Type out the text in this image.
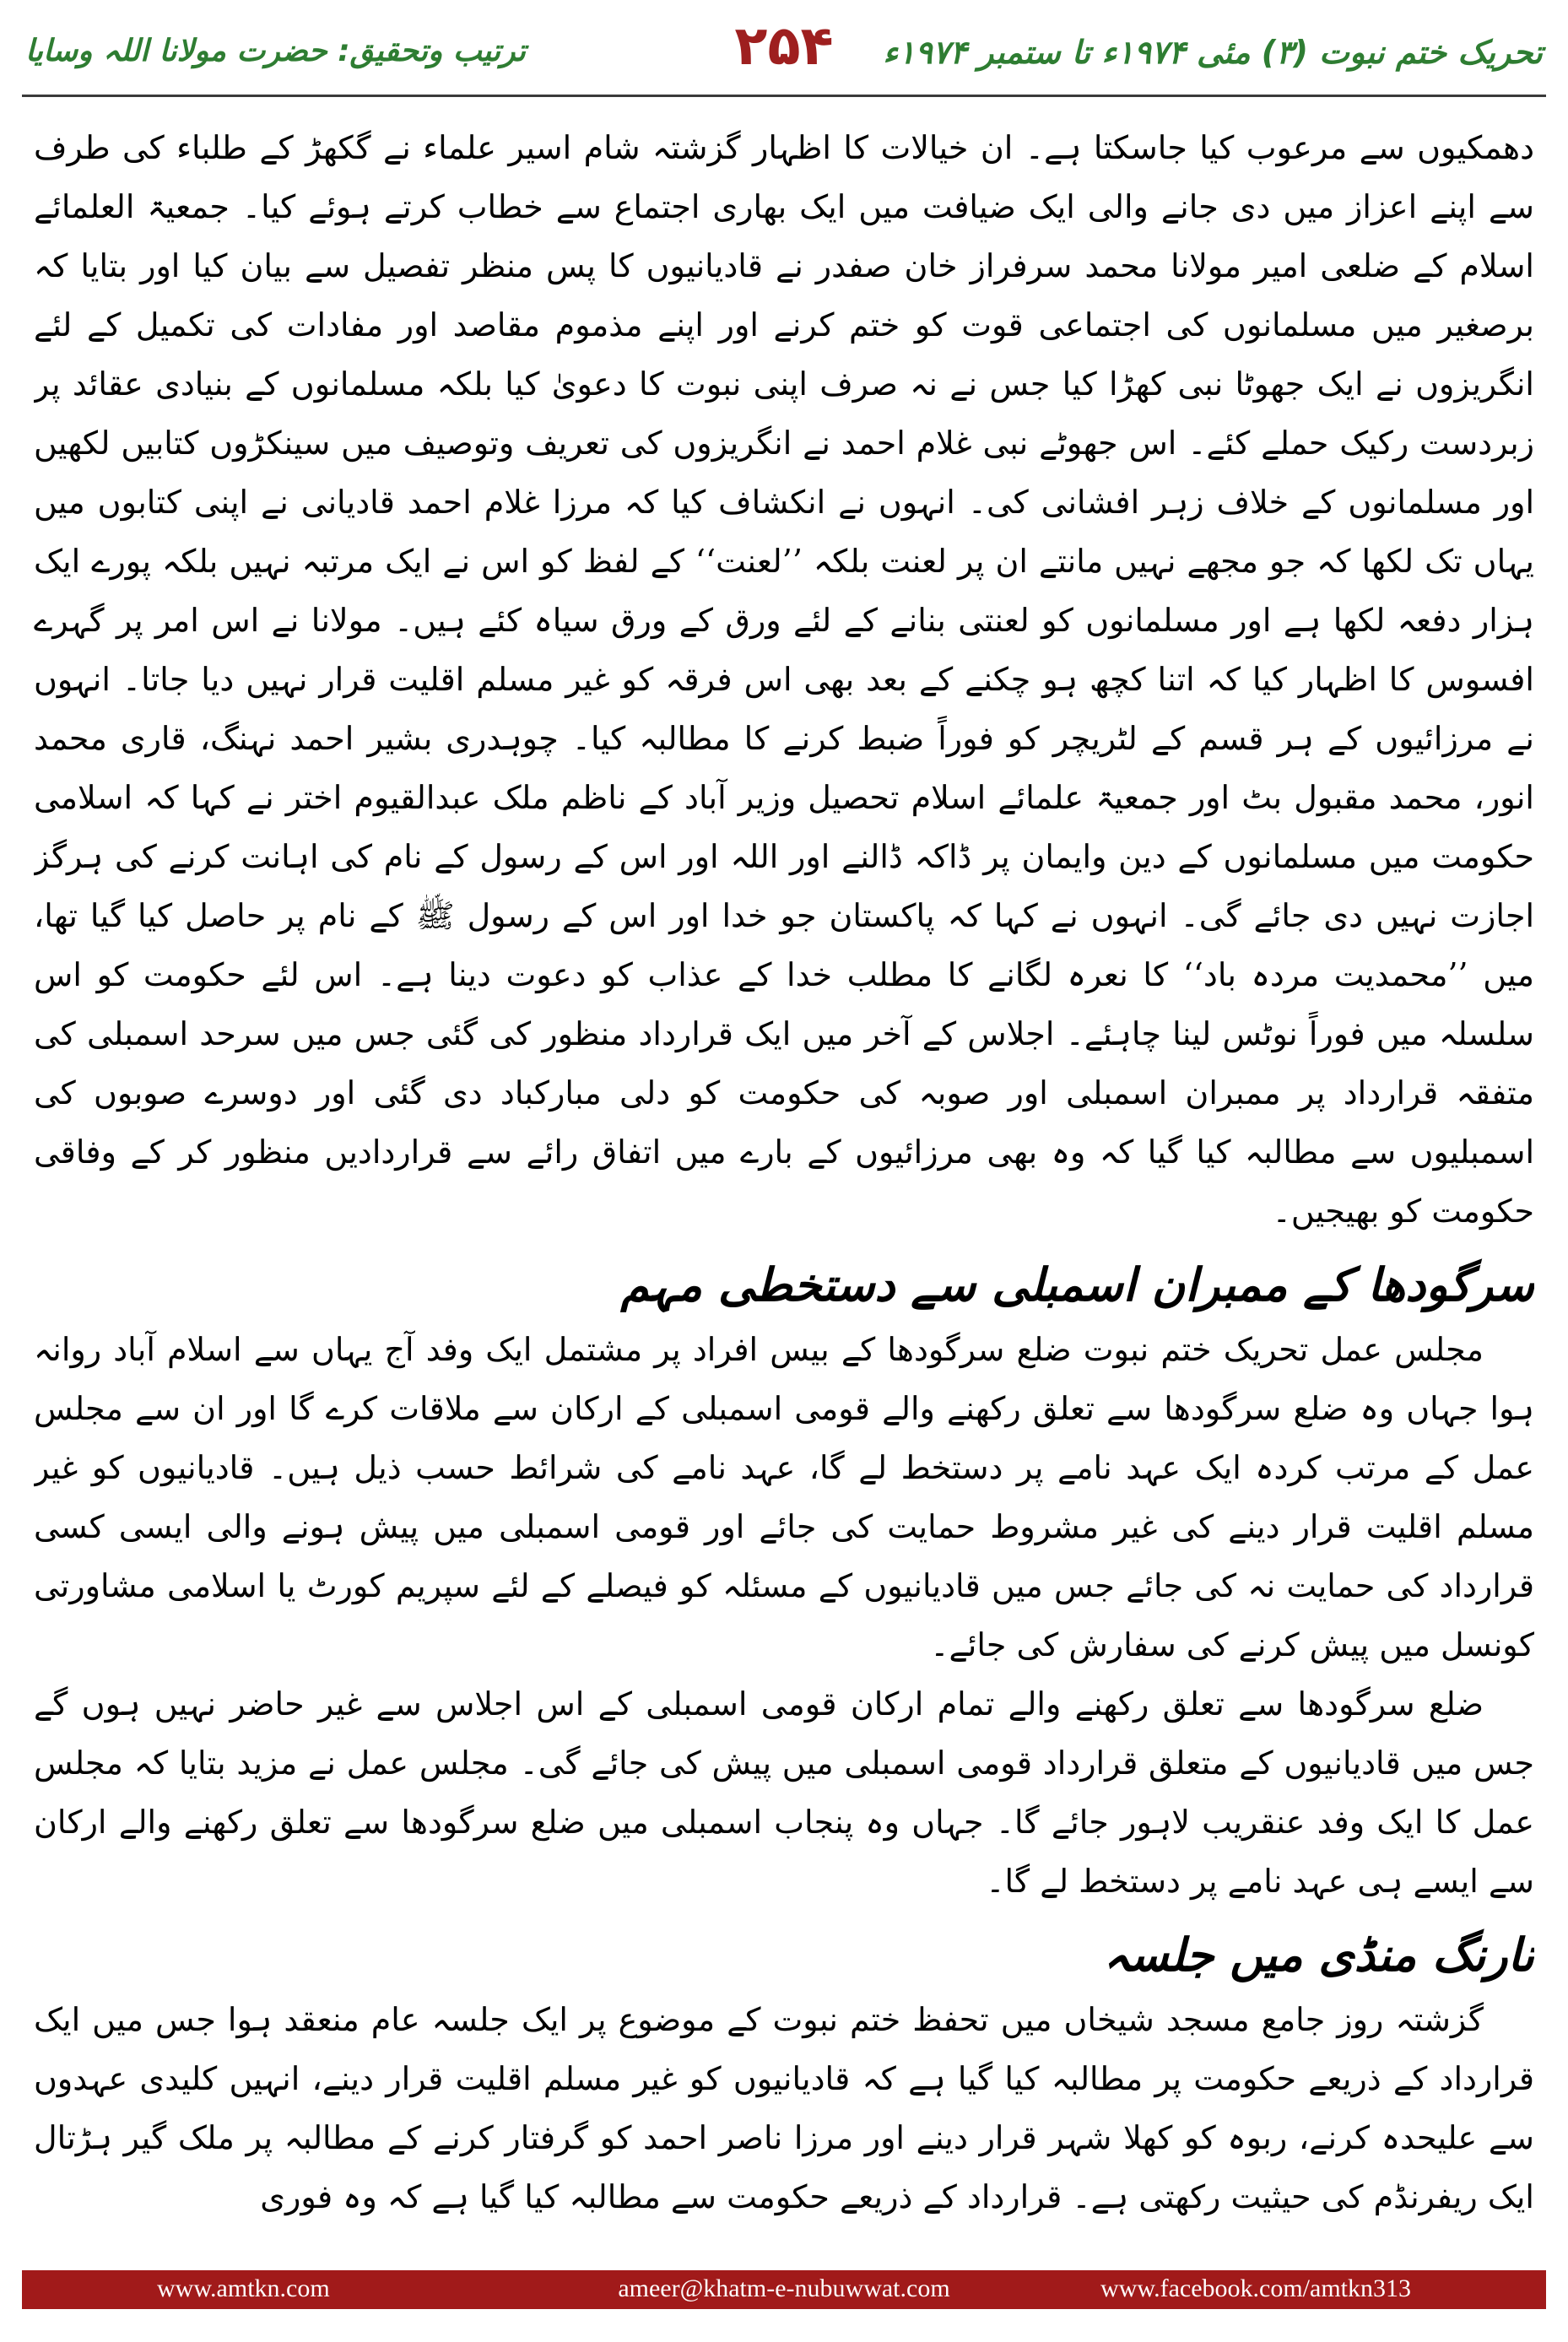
تحریک ختم نبوت (۳) مئی ۱۹۷۴ء تا ستمبر ۱۹۷۴ء
۲۵۴
ترتیب وتحقیق: حضرت مولانا اللہ وسایا

دھمکیوں سے مرعوب کیا جاسکتا ہے۔ ان خیالات کا اظہار گزشتہ شام اسیر علماء نے گکھڑ کے طلباء کی طرف سے اپنے اعزاز میں دی جانے والی ایک ضیافت میں ایک بھاری اجتماع سے خطاب کرتے ہوئے کیا۔ جمعیۃ العلمائے اسلام کے ضلعی امیر مولانا محمد سرفراز خان صفدر نے قادیانیوں کا پس منظر تفصیل سے بیان کیا اور بتایا کہ برصغیر میں مسلمانوں کی اجتماعی قوت کو ختم کرنے اور اپنے مذموم مقاصد اور مفادات کی تکمیل کے لئے انگریزوں نے ایک جھوٹا نبی کھڑا کیا جس نے نہ صرف اپنی نبوت کا دعویٰ کیا بلکہ مسلمانوں کے بنیادی عقائد پر زبردست رکیک حملے کئے۔ اس جھوٹے نبی غلام احمد نے انگریزوں کی تعریف وتوصیف میں سینکڑوں کتابیں لکھیں اور مسلمانوں کے خلاف زہر افشانی کی۔ انہوں نے انکشاف کیا کہ مرزا غلام احمد قادیانی نے اپنی کتابوں میں یہاں تک لکھا کہ جو مجھے نہیں مانتے ان پر لعنت بلکہ ’’لعنت‘‘ کے لفظ کو اس نے ایک مرتبہ نہیں بلکہ پورے ایک ہزار دفعہ لکھا ہے اور مسلمانوں کو لعنتی بنانے کے لئے ورق کے ورق سیاہ کئے ہیں۔ مولانا نے اس امر پر گہرے افسوس کا اظہار کیا کہ اتنا کچھ ہو چکنے کے بعد بھی اس فرقہ کو غیر مسلم اقلیت قرار نہیں دیا جاتا۔ انہوں نے مرزائیوں کے ہر قسم کے لٹریچر کو فوراً ضبط کرنے کا مطالبہ کیا۔ چوہدری بشیر احمد نہنگ، قاری محمد انور، محمد مقبول بٹ اور جمعیۃ علمائے اسلام تحصیل وزیر آباد کے ناظم ملک عبدالقیوم اختر نے کہا کہ اسلامی حکومت میں مسلمانوں کے دین وایمان پر ڈاکہ ڈالنے اور اللہ اور اس کے رسول کے نام کی اہانت کرنے کی ہرگز اجازت نہیں دی جائے گی۔ انہوں نے کہا کہ پاکستان جو خدا اور اس کے رسول ﷺ کے نام پر حاصل کیا گیا تھا، میں ’’محمدیت مردہ باد‘‘ کا نعرہ لگانے کا مطلب خدا کے عذاب کو دعوت دینا ہے۔ اس لئے حکومت کو اس سلسلہ میں فوراً نوٹس لینا چاہئے۔ اجلاس کے آخر میں ایک قرارداد منظور کی گئی جس میں سرحد اسمبلی کی متفقہ قرارداد پر ممبران اسمبلی اور صوبہ کی حکومت کو دلی مبارکباد دی گئی اور دوسرے صوبوں کی اسمبلیوں سے مطالبہ کیا گیا کہ وہ بھی مرزائیوں کے بارے میں اتفاق رائے سے قراردادیں منظور کر کے وفاقی حکومت کو بھیجیں۔

سرگودھا کے ممبران اسمبلی سے دستخطی مہم

مجلس عمل تحریک ختم نبوت ضلع سرگودھا کے بیس افراد پر مشتمل ایک وفد آج یہاں سے اسلام آباد روانہ ہوا جہاں وہ ضلع سرگودھا سے تعلق رکھنے والے قومی اسمبلی کے ارکان سے ملاقات کرے گا اور ان سے مجلس عمل کے مرتب کردہ ایک عہد نامے پر دستخط لے گا، عہد نامے کی شرائط حسب ذیل ہیں۔ قادیانیوں کو غیر مسلم اقلیت قرار دینے کی غیر مشروط حمایت کی جائے اور قومی اسمبلی میں پیش ہونے والی ایسی کسی قرارداد کی حمایت نہ کی جائے جس میں قادیانیوں کے مسئلہ کو فیصلے کے لئے سپریم کورٹ یا اسلامی مشاورتی کونسل میں پیش کرنے کی سفارش کی جائے۔

ضلع سرگودھا سے تعلق رکھنے والے تمام ارکان قومی اسمبلی کے اس اجلاس سے غیر حاضر نہیں ہوں گے جس میں قادیانیوں کے متعلق قرارداد قومی اسمبلی میں پیش کی جائے گی۔ مجلس عمل نے مزید بتایا کہ مجلس عمل کا ایک وفد عنقریب لاہور جائے گا۔ جہاں وہ پنجاب اسمبلی میں ضلع سرگودھا سے تعلق رکھنے والے ارکان سے ایسے ہی عہد نامے پر دستخط لے گا۔

نارنگ منڈی میں جلسہ

گزشتہ روز جامع مسجد شیخاں میں تحفظ ختم نبوت کے موضوع پر ایک جلسہ عام منعقد ہوا جس میں ایک قرارداد کے ذریعے حکومت پر مطالبہ کیا گیا ہے کہ قادیانیوں کو غیر مسلم اقلیت قرار دینے، انہیں کلیدی عہدوں سے علیحدہ کرنے، ربوہ کو کھلا شہر قرار دینے اور مرزا ناصر احمد کو گرفتار کرنے کے مطالبہ پر ملک گیر ہڑتال ایک ریفرنڈم کی حیثیت رکھتی ہے۔ قرارداد کے ذریعے حکومت سے مطالبہ کیا گیا ہے کہ وہ فوری

www.amtkn.com	ameer@khatm-e-nubuwwat.com	www.facebook.com/amtkn313
